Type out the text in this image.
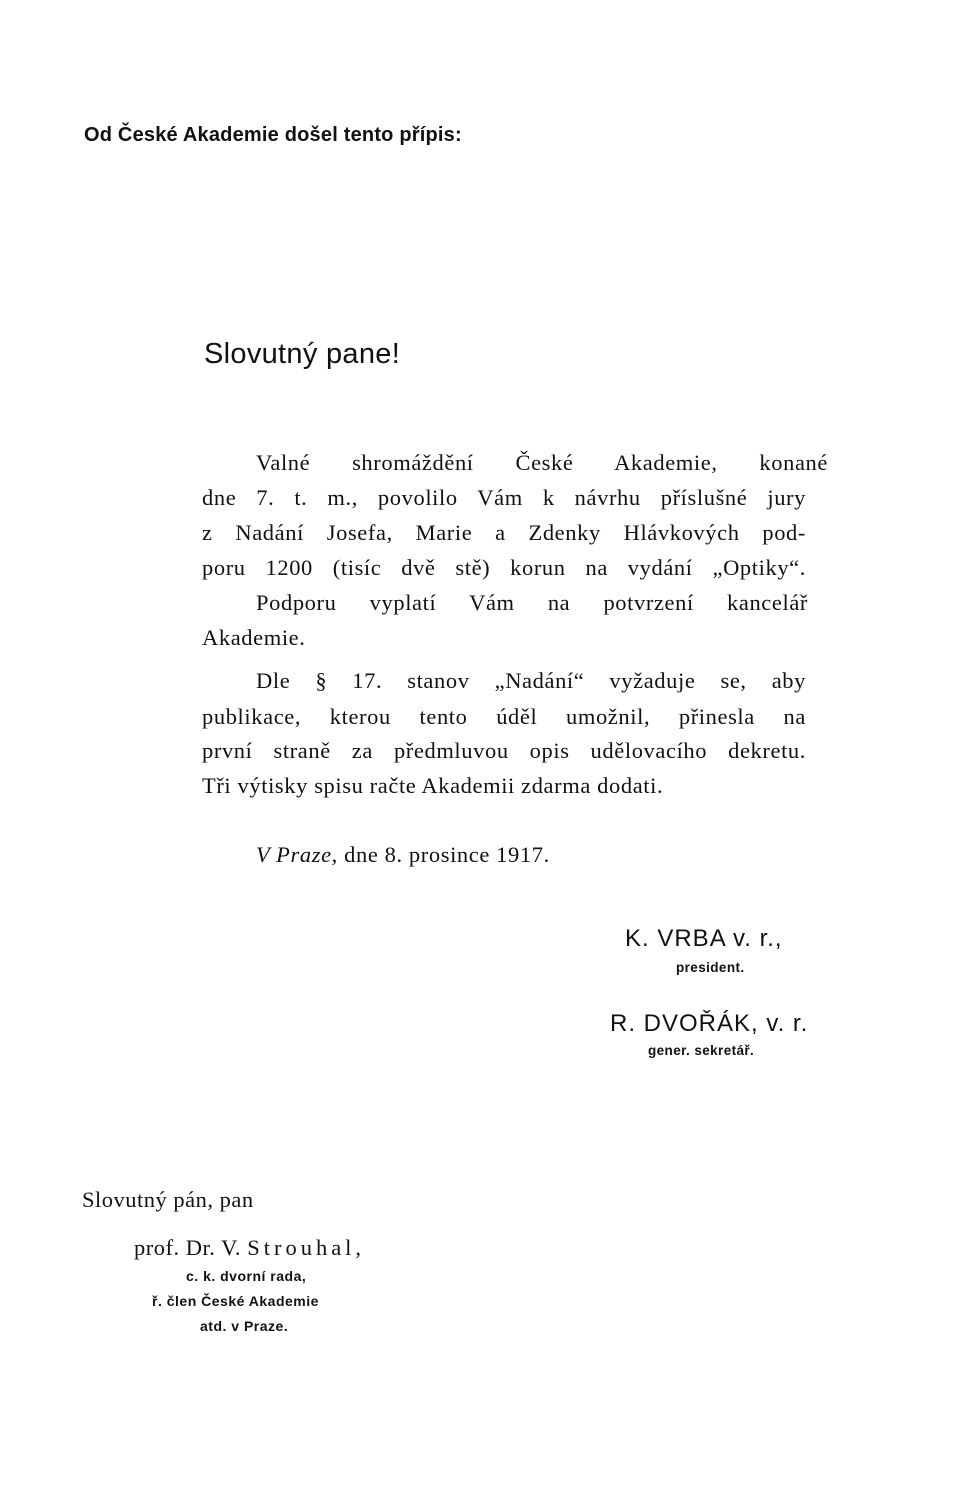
Od České Akademie došel tento přípis:
Slovutný pane!
Valné shromáždění České Akademie, konané
dne 7. t. m., povolilo Vám k návrhu příslušné jury
z Nadání Josefa, Marie a Zdenky Hlávkových pod-
poru 1200 (tisíc dvě stě) korun na vydání „Optiky“.
Podporu vyplatí Vám na potvrzení kancelář
Akademie.
Dle § 17. stanov „Nadání“ vyžaduje se, aby
publikace, kterou tento úděl umožnil, přinesla na
první straně za předmluvou opis udělovacího dekretu.
Tři výtisky spisu račte Akademii zdarma dodati.
V Praze, dne 8. prosince 1917.
K. VRBA v. r.,
president.
R. DVOŘÁK, v. r.
gener. sekretář.
Slovutný pán, pan
prof. Dr. V. Strouhal,
c. k. dvorní rada,
ř. člen České Akademie
atd. v Praze.
